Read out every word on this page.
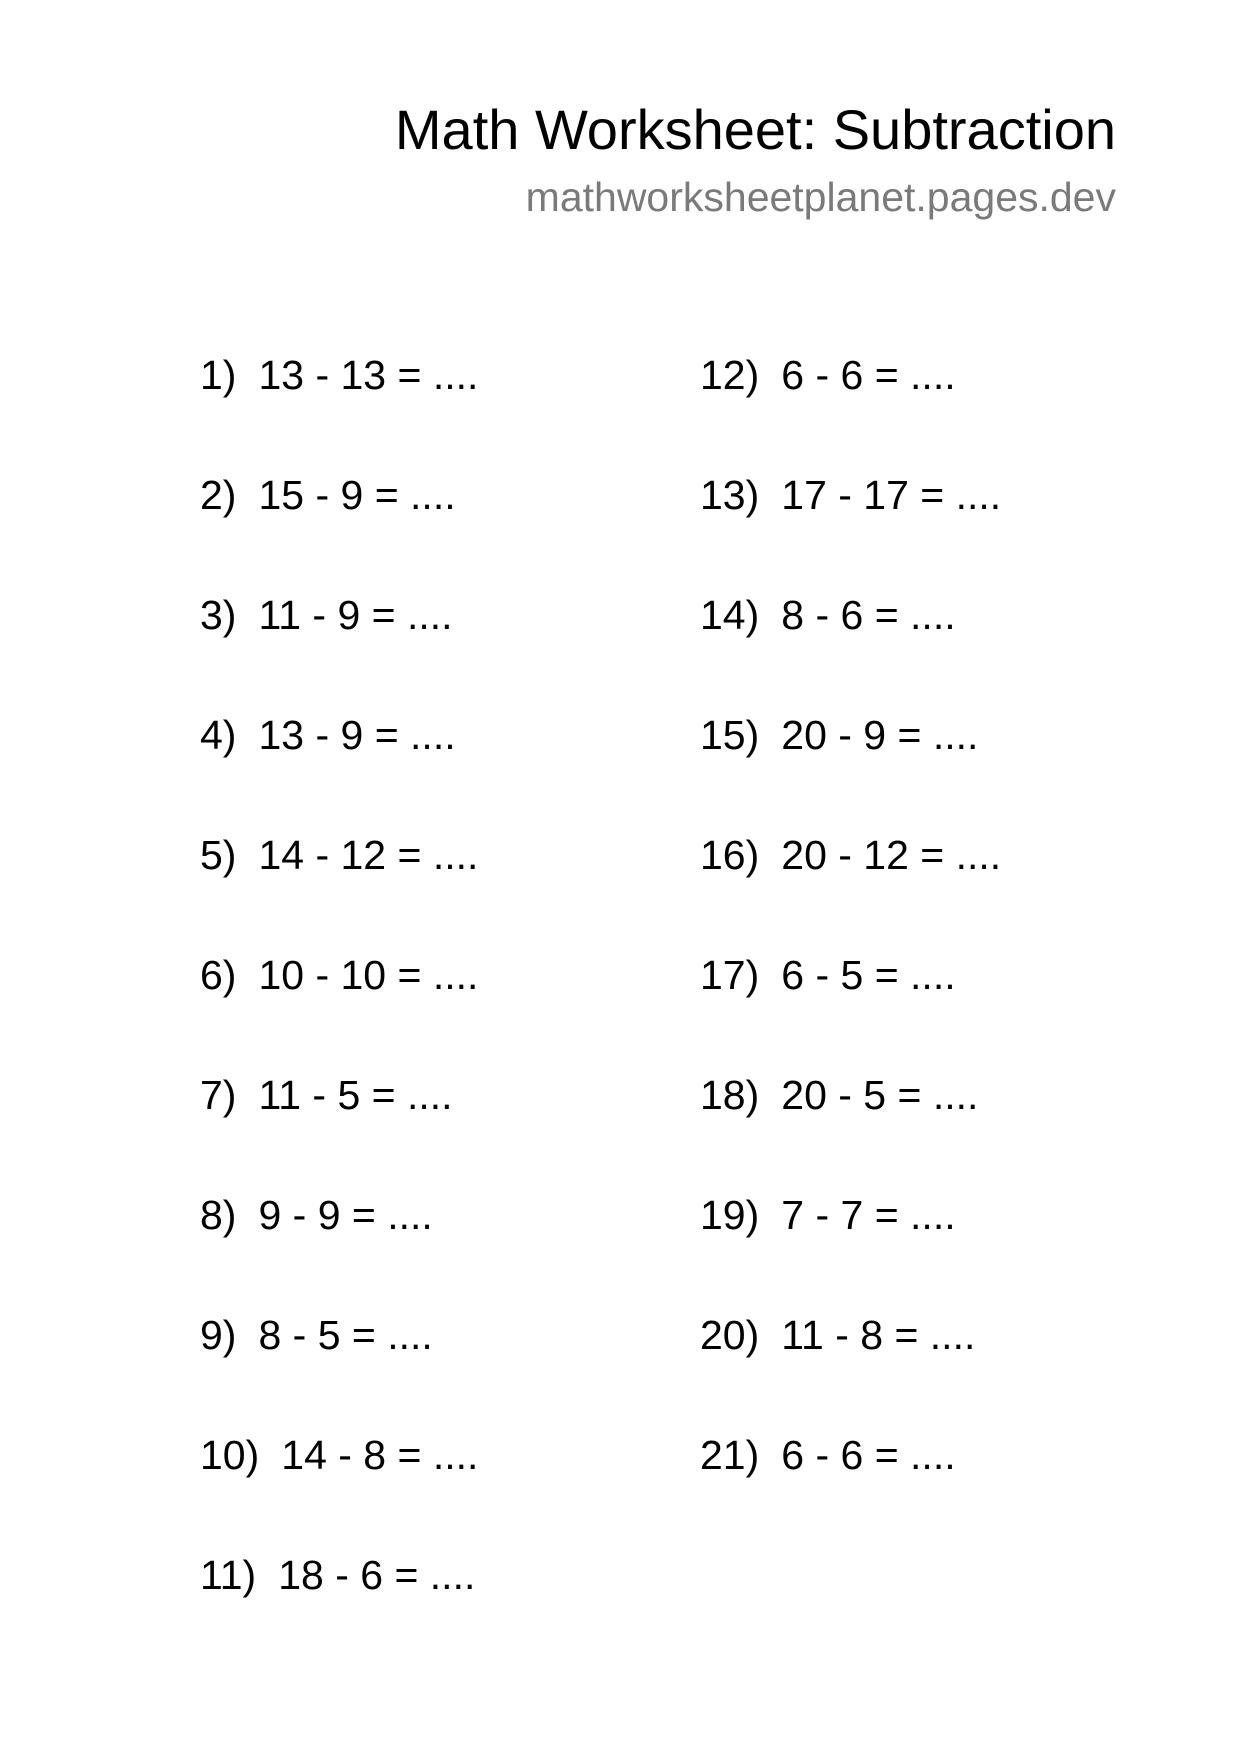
Math Worksheet: Subtraction
mathworksheetplanet.pages.dev
1) 13 - 13 = ....
2) 15 - 9 = ....
3) 11 - 9 = ....
4) 13 - 9 = ....
5) 14 - 12 = ....
6) 10 - 10 = ....
7) 11 - 5 = ....
8) 9 - 9 = ....
9) 8 - 5 = ....
10) 14 - 8 = ....
11) 18 - 6 = ....
12) 6 - 6 = ....
13) 17 - 17 = ....
14) 8 - 6 = ....
15) 20 - 9 = ....
16) 20 - 12 = ....
17) 6 - 5 = ....
18) 20 - 5 = ....
19) 7 - 7 = ....
20) 11 - 8 = ....
21) 6 - 6 = ....
